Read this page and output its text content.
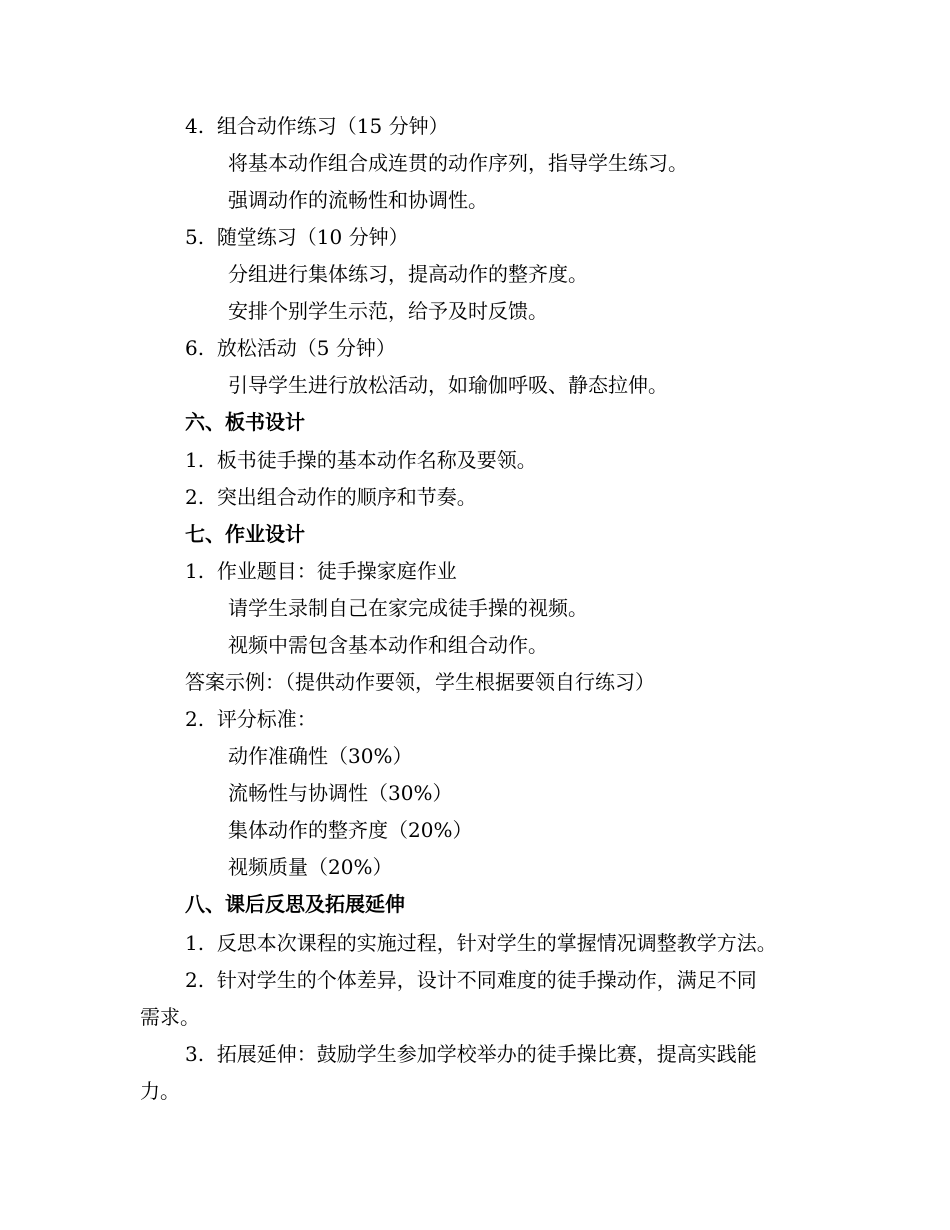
4. 组合动作练习（15 分钟）
将基本动作组合成连贯的动作序列，指导学生练习。
强调动作的流畅性和协调性。
5. 随堂练习（10 分钟）
分组进行集体练习，提高动作的整齐度。
安排个别学生示范，给予及时反馈。
6. 放松活动（5 分钟）
引导学生进行放松活动，如瑜伽呼吸、静态拉伸。
六、板书设计
1. 板书徒手操的基本动作名称及要领。
2. 突出组合动作的顺序和节奏。
七、作业设计
1. 作业题目：徒手操家庭作业
请学生录制自己在家完成徒手操的视频。
视频中需包含基本动作和组合动作。
答案示例：（提供动作要领，学生根据要领自行练习）
2. 评分标准：
动作准确性（30%）
流畅性与协调性（30%）
集体动作的整齐度（20%）
视频质量（20%）
八、课后反思及拓展延伸
1. 反思本次课程的实施过程，针对学生的掌握情况调整教学方法。
2. 针对学生的个体差异，设计不同难度的徒手操动作，满足不同
需求。
3. 拓展延伸：鼓励学生参加学校举办的徒手操比赛，提高实践能
力。
